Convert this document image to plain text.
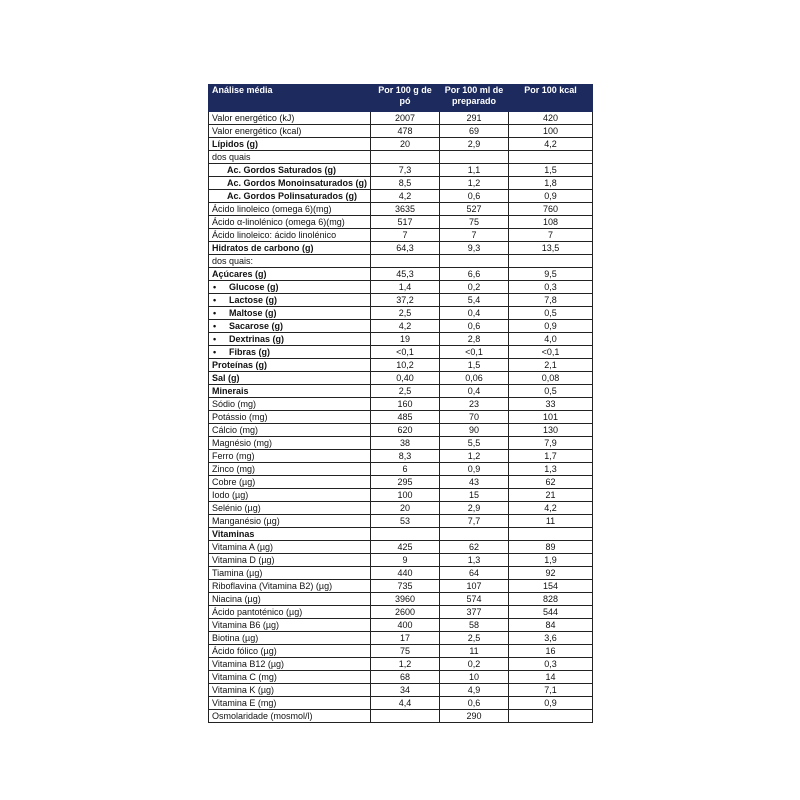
Análise média	Por 100 g de pó	Por 100 ml de preparado	Por 100 kcal
Valor energético (kJ)	2007	291	420
Valor energético (kcal)	478	69	100
Lípidos (g)	20	2,9	4,2
dos quais			
Ac. Gordos Saturados (g)	7,3	1,1	1,5
Ac. Gordos Monoinsaturados (g)	8,5	1,2	1,8
Ac. Gordos Polinsaturados (g)	4,2	0,6	0,9
Ácido linoleico (omega 6)(mg)	3635	527	760
Ácido α-linolénico (omega 6)(mg)	517	75	108
Ácido linoleico: ácido linolénico	7	7	7
Hidratos de carbono (g)	64,3	9,3	13,5
dos quais:			
Açúcares (g)	45,3	6,6	9,5
• Glucose (g)	1,4	0,2	0,3
• Lactose (g)	37,2	5,4	7,8
• Maltose (g)	2,5	0,4	0,5
• Sacarose (g)	4,2	0,6	0,9
• Dextrinas (g)	19	2,8	4,0
• Fibras (g)	<0,1	<0,1	<0,1
Proteínas (g)	10,2	1,5	2,1
Sal (g)	0,40	0,06	0,08
Minerais	2,5	0,4	0,5
Sódio (mg)	160	23	33
Potássio (mg)	485	70	101
Cálcio (mg)	620	90	130
Magnésio (mg)	38	5,5	7,9
Ferro (mg)	8,3	1,2	1,7
Zinco (mg)	6	0,9	1,3
Cobre (µg)	295	43	62
Iodo (µg)	100	15	21
Selénio (µg)	20	2,9	4,2
Manganésio (µg)	53	7,7	11
Vitaminas			
Vitamina A (µg)	425	62	89
Vitamina D (µg)	9	1,3	1,9
Tiamina (µg)	440	64	92
Riboflavina (Vitamina B2) (µg)	735	107	154
Niacina (µg)	3960	574	828
Ácido pantoténico (µg)	2600	377	544
Vitamina B6 (µg)	400	58	84
Biotina (µg)	17	2,5	3,6
Ácido fólico (µg)	75	11	16
Vitamina B12 (µg)	1,2	0,2	0,3
Vitamina C (mg)	68	10	14
Vitamina K (µg)	34	4,9	7,1
Vitamina E (mg)	4,4	0,6	0,9
Osmolaridade (mosmol/l)		290	
